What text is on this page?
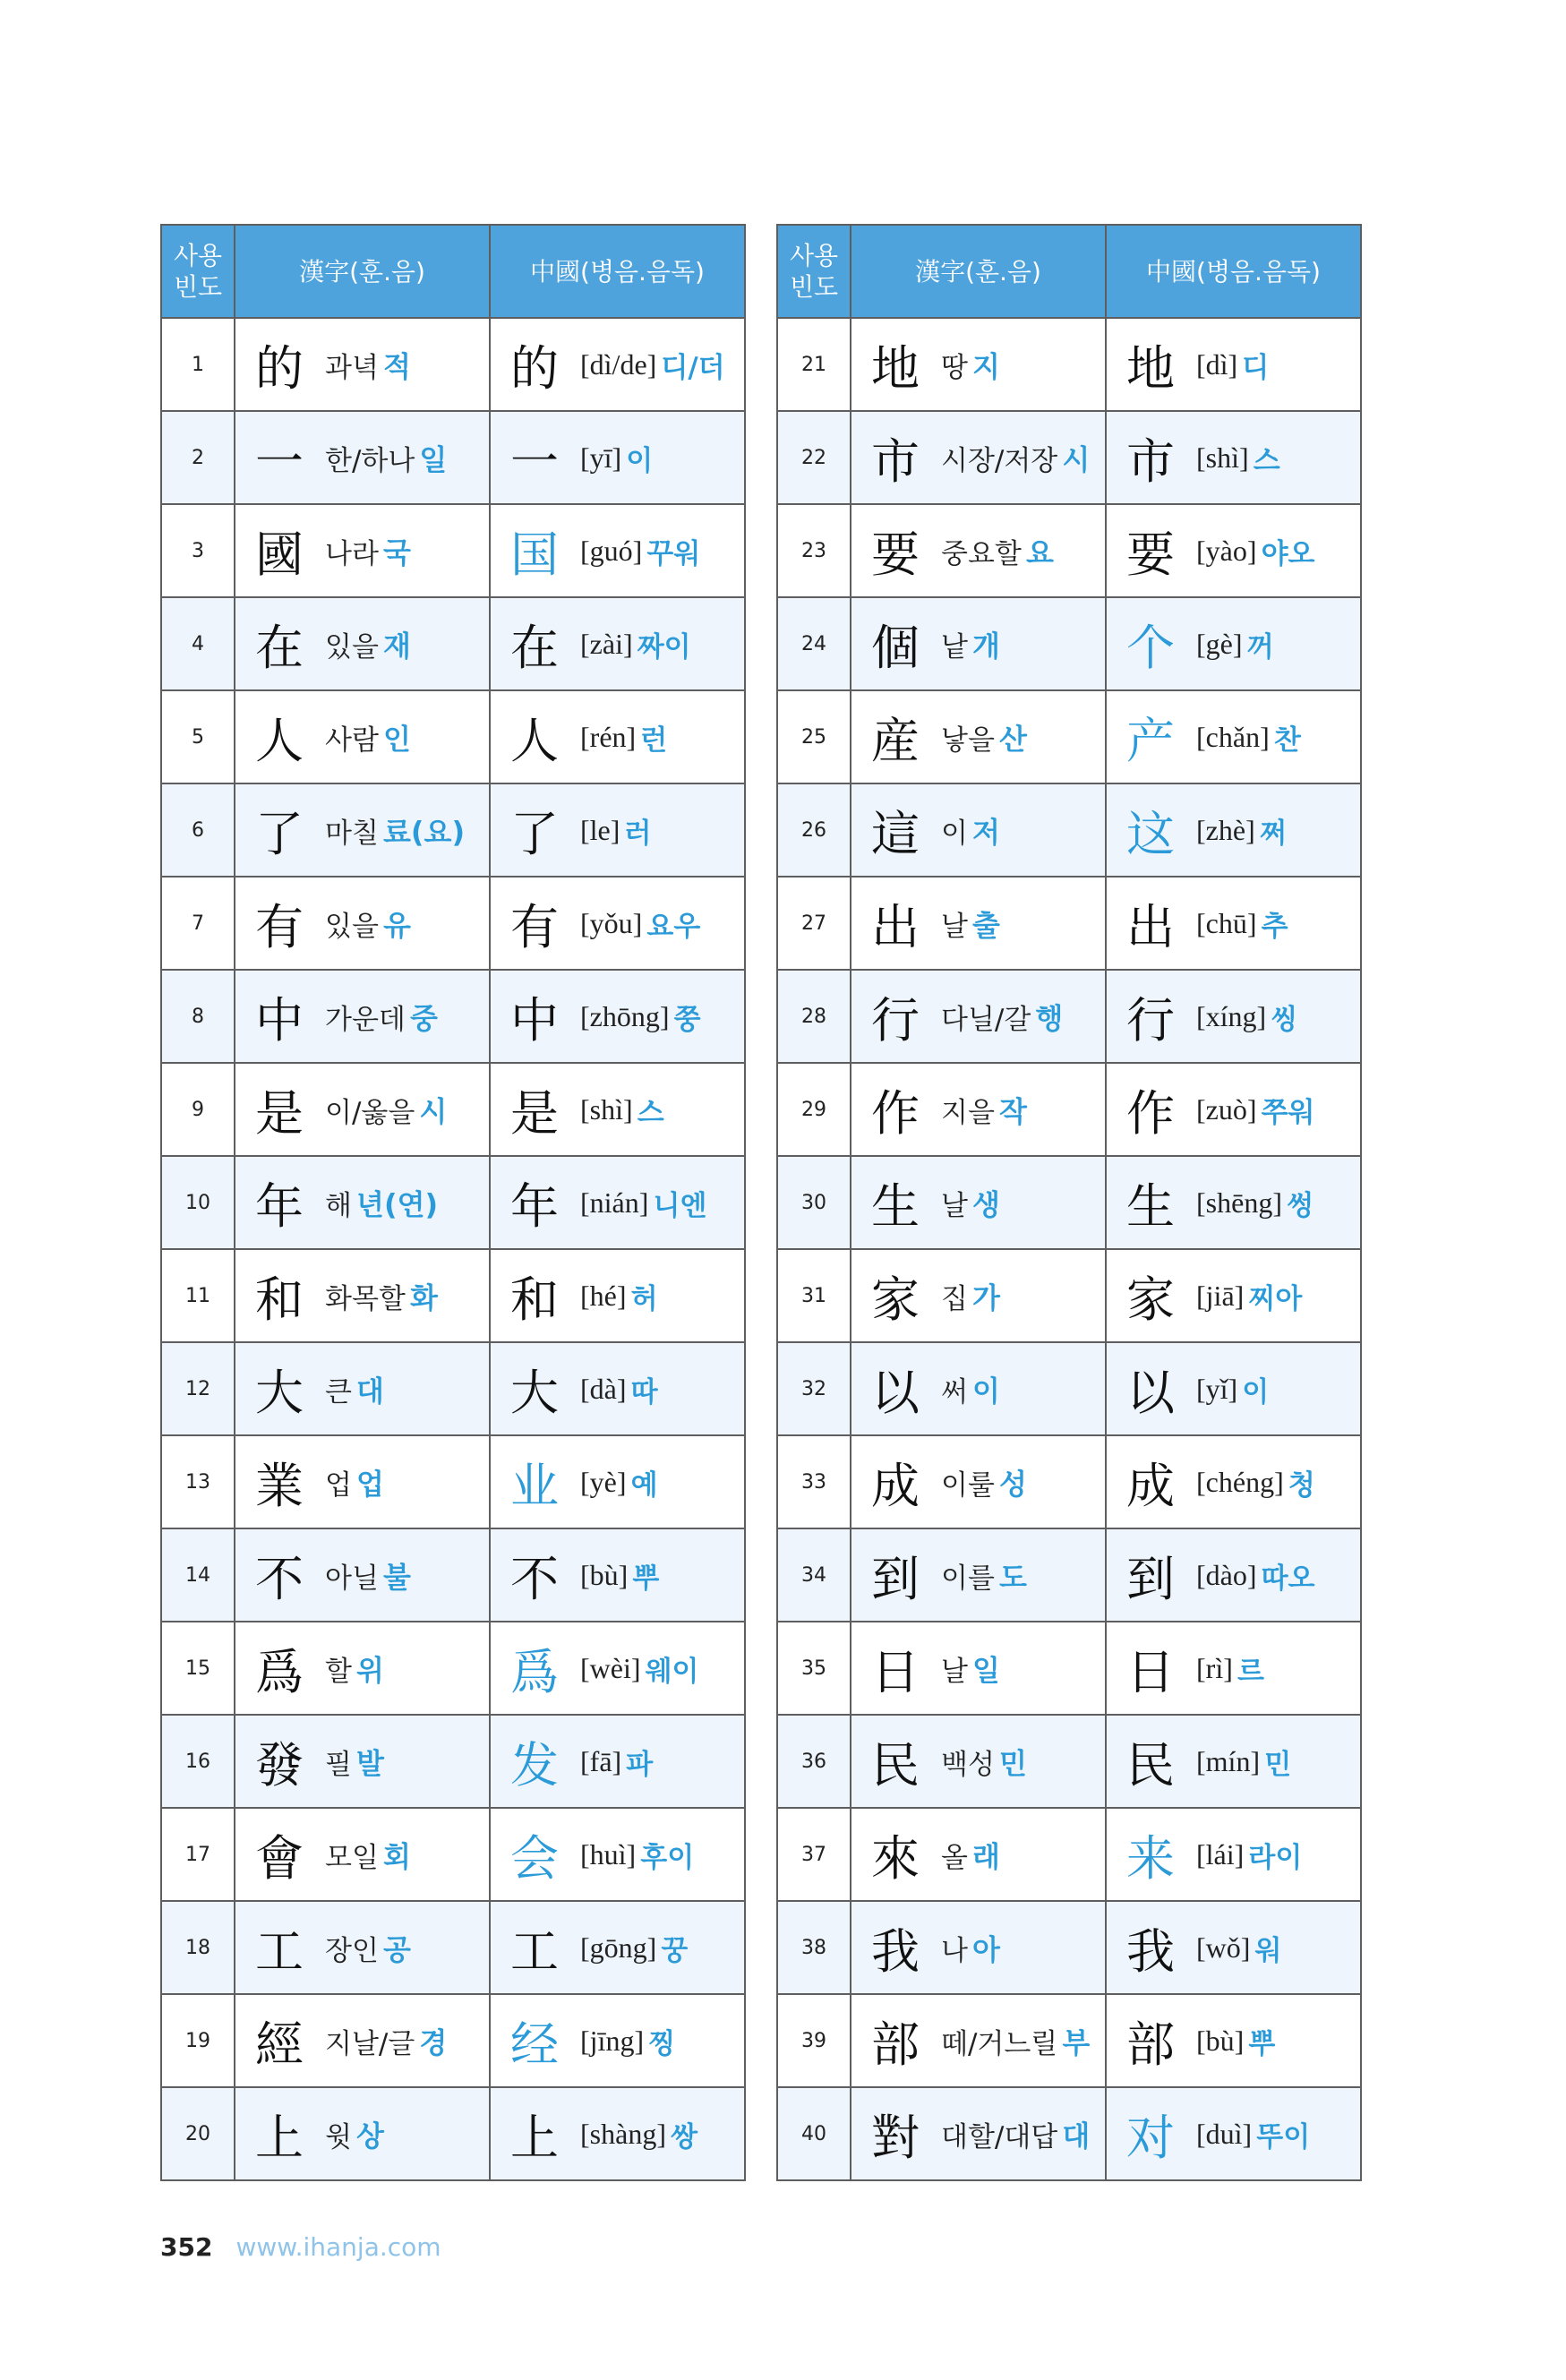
사용
빈도	漢字(훈.음)	中國(병음.음독)
1	的 과녁 적	的 [dì/de] 디/더
2	一 한/하나 일	一 [yī] 이
3	國 나라 국	国 [guó] 꾸워
4	在 있을 재	在 [zài] 짜이
5	人 사람 인	人 [rén] 런
6	了 마칠 료(요)	了 [le] 러
7	有 있을 유	有 [yǒu] 요우
8	中 가운데 중	中 [zhōng] 쭝
9	是 이/옳을 시	是 [shì] 스
10	年 해 년(연)	年 [nián] 니엔
11	和 화목할 화	和 [hé] 허
12	大 큰 대	大 [dà] 따
13	業 업 업	业 [yè] 예
14	不 아닐 불	不 [bù] 뿌
15	爲 할 위	爲 [wèi] 웨이
16	發 필 발	发 [fā] 파
17	會 모일 회	会 [huì] 후이
18	工 장인 공	工 [gōng] 꿍
19	經 지날/글 경	经 [jīng] 찡
20	上 윗 상	上 [shàng] 쌍
사용
빈도	漢字(훈.음)	中國(병음.음독)
21	地 땅 지	地 [dì] 디
22	市 시장/저장 시	市 [shì] 스
23	要 중요할 요	要 [yào] 야오
24	個 낱 개	个 [gè] 꺼
25	産 낳을 산	产 [chǎn] 찬
26	這 이 저	这 [zhè] 쩌
27	出 날 출	出 [chū] 추
28	行 다닐/갈 행	行 [xíng] 씽
29	作 지을 작	作 [zuò] 쭈워
30	生 날 생	生 [shēng] 썽
31	家 집 가	家 [jiā] 찌아
32	以 써 이	以 [yǐ] 이
33	成 이룰 성	成 [chéng] 청
34	到 이를 도	到 [dào] 따오
35	日 날 일	日 [rì] 르
36	民 백성 민	民 [mín] 민
37	來 올 래	来 [lái] 라이
38	我 나 아	我 [wǒ] 워
39	部 떼/거느릴 부	部 [bù] 뿌
40	對 대할/대답 대	对 [duì] 뚜이
352 www.ihanja.com
